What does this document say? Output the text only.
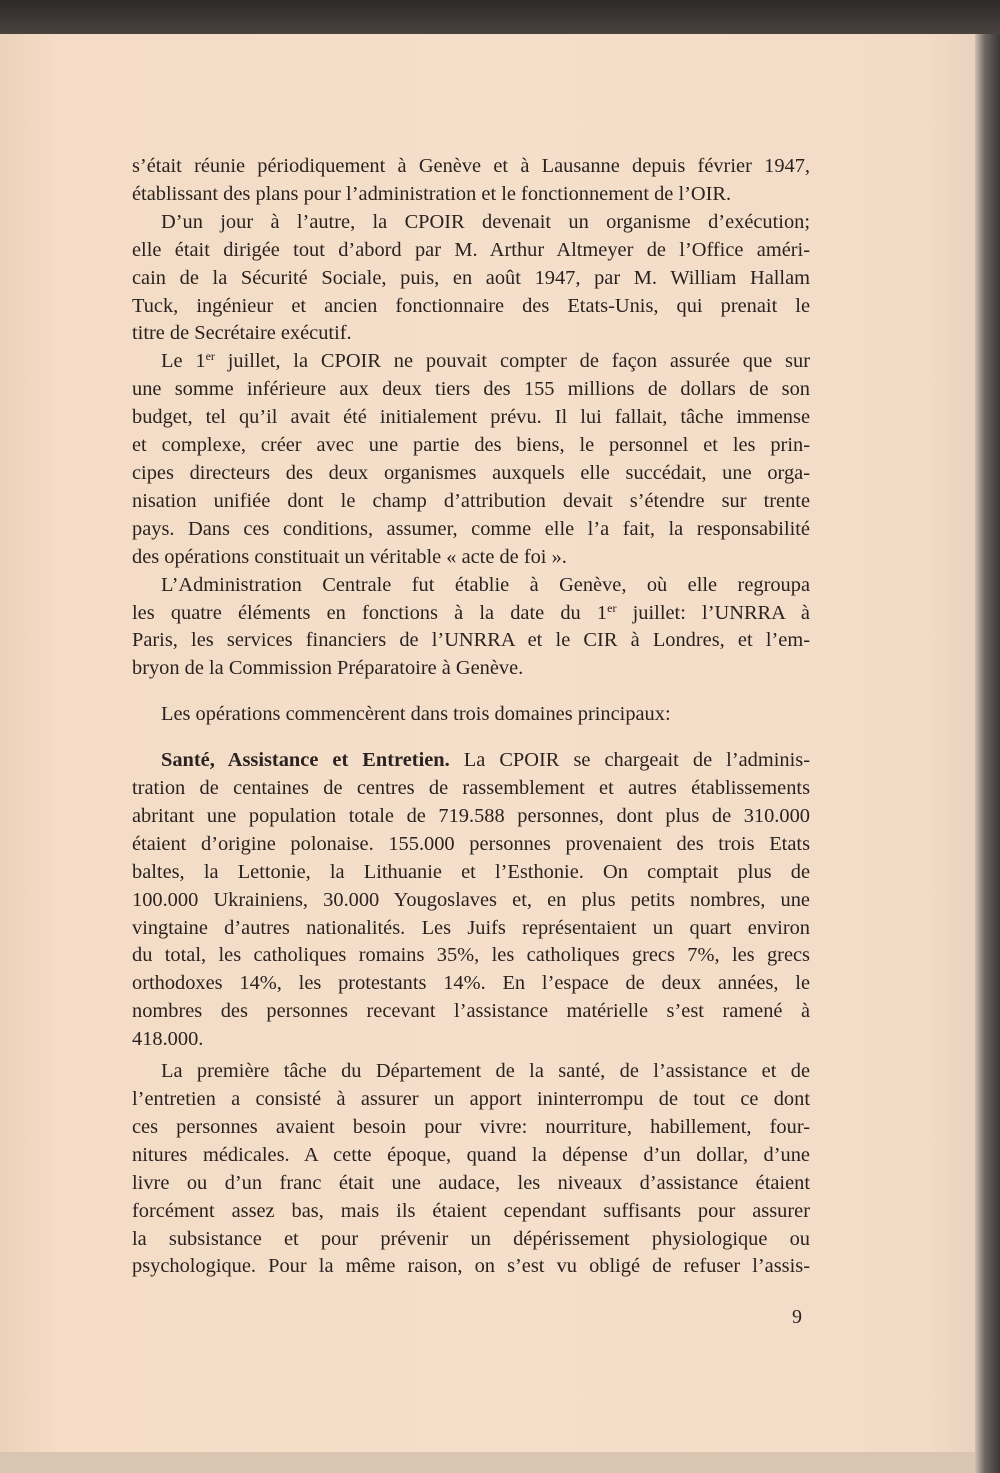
s’était réunie périodiquement à Genève et à Lausanne depuis février 1947,
établissant des plans pour l’administration et le fonctionnement de l’OIR.
D’un jour à l’autre, la CPOIR devenait un organisme d’exécution;
elle était dirigée tout d’abord par M. Arthur Altmeyer de l’Office améri-
cain de la Sécurité Sociale, puis, en août 1947, par M. William Hallam
Tuck, ingénieur et ancien fonctionnaire des Etats-Unis, qui prenait le
titre de Secrétaire exécutif.
Le 1er juillet, la CPOIR ne pouvait compter de façon assurée que sur
une somme inférieure aux deux tiers des 155 millions de dollars de son
budget, tel qu’il avait été initialement prévu. Il lui fallait, tâche immense
et complexe, créer avec une partie des biens, le personnel et les prin-
cipes directeurs des deux organismes auxquels elle succédait, une orga-
nisation unifiée dont le champ d’attribution devait s’étendre sur trente
pays. Dans ces conditions, assumer, comme elle l’a fait, la responsabilité
des opérations constituait un véritable « acte de foi ».
L’Administration Centrale fut établie à Genève, où elle regroupa
les quatre éléments en fonctions à la date du 1er juillet: l’UNRRA à
Paris, les services financiers de l’UNRRA et le CIR à Londres, et l’em-
bryon de la Commission Préparatoire à Genève.
Les opérations commencèrent dans trois domaines principaux:
Santé, Assistance et Entretien. La CPOIR se chargeait de l’adminis-
tration de centaines de centres de rassemblement et autres établissements
abritant une population totale de 719.588 personnes, dont plus de 310.000
étaient d’origine polonaise. 155.000 personnes provenaient des trois Etats
baltes, la Lettonie, la Lithuanie et l’Esthonie. On comptait plus de
100.000 Ukrainiens, 30.000 Yougoslaves et, en plus petits nombres, une
vingtaine d’autres nationalités. Les Juifs représentaient un quart environ
du total, les catholiques romains 35%, les catholiques grecs 7%, les grecs
orthodoxes 14%, les protestants 14%. En l’espace de deux années, le
nombres des personnes recevant l’assistance matérielle s’est ramené à
418.000.
La première tâche du Département de la santé, de l’assistance et de
l’entretien a consisté à assurer un apport ininterrompu de tout ce dont
ces personnes avaient besoin pour vivre: nourriture, habillement, four-
nitures médicales. A cette époque, quand la dépense d’un dollar, d’une
livre ou d’un franc était une audace, les niveaux d’assistance étaient
forcément assez bas, mais ils étaient cependant suffisants pour assurer
la subsistance et pour prévenir un dépérissement physiologique ou
psychologique. Pour la même raison, on s’est vu obligé de refuser l’assis-
9
